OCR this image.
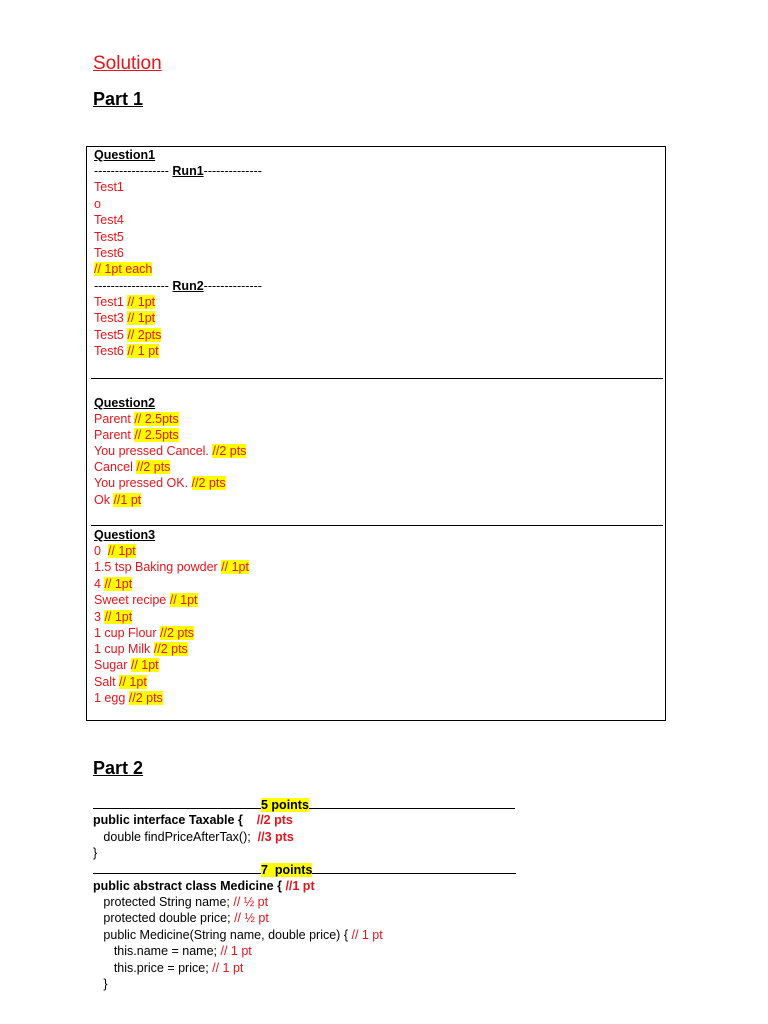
Solution
Part 1
Question1
------------------ Run1--------------
Test1
o
Test4
Test5
Test6
// 1pt each
------------------ Run2--------------
Test1 // 1pt
Test3 // 1pt
Test5 // 2pts
Test6 // 1 pt
Question2
Parent // 2.5pts
Parent // 2.5pts
You pressed Cancel. //2 pts
Cancel //2 pts
You pressed OK. //2 pts
Ok //1 pt
Question3
0  // 1pt
1.5 tsp Baking powder // 1pt
4 // 1pt
Sweet recipe // 1pt
3 // 1pt
1 cup Flour //2 pts
1 cup Milk //2 pts
Sugar // 1pt
Salt // 1pt
1 egg //2 pts
Part 2
5 points
public interface Taxable {    //2 pts
double findPriceAfterTax();  //3 pts
}
7  points
public abstract class Medicine { //1 pt
protected String name; // ½ pt
protected double price; // ½ pt
public Medicine(String name, double price) { // 1 pt
this.name = name; // 1 pt
this.price = price; // 1 pt
}
